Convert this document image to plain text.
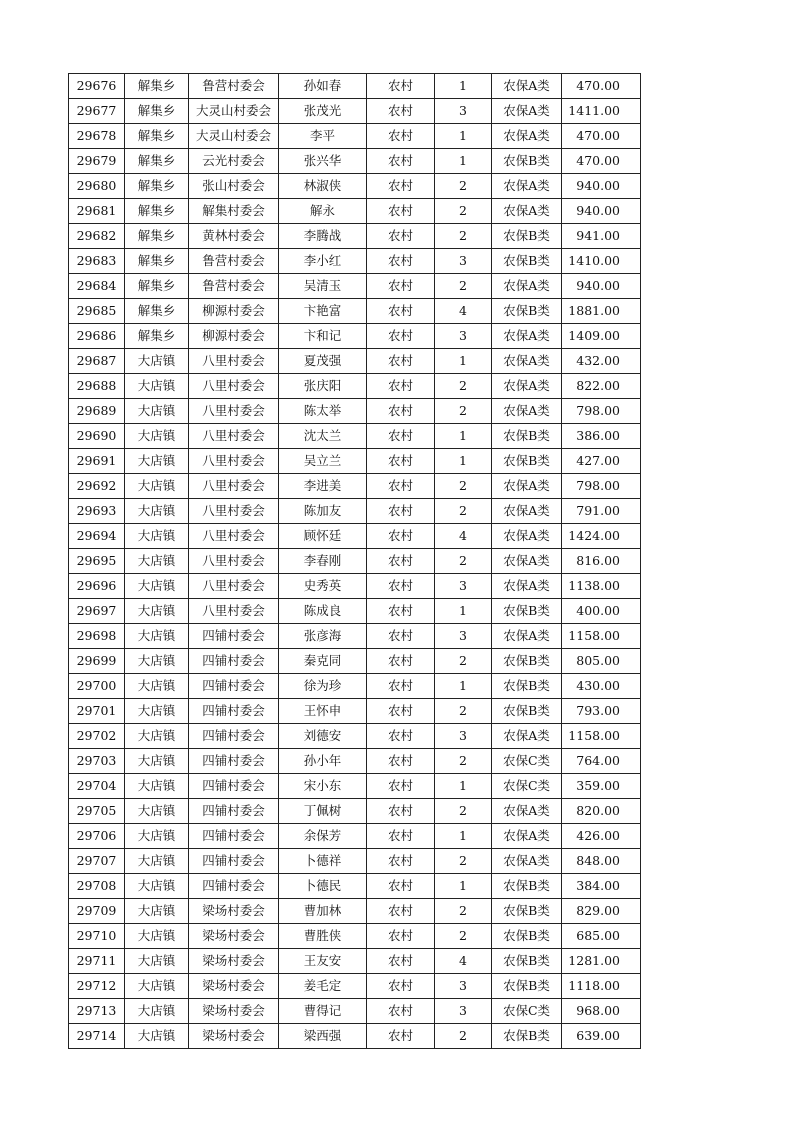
29676	解集乡	鲁营村委会	孙如春	农村	1	农保A类	470.00
29677	解集乡	大灵山村委会	张茂光	农村	3	农保A类	1411.00
29678	解集乡	大灵山村委会	李平	农村	1	农保A类	470.00
29679	解集乡	云光村委会	张兴华	农村	1	农保B类	470.00
29680	解集乡	张山村委会	林淑侠	农村	2	农保A类	940.00
29681	解集乡	解集村委会	解永	农村	2	农保A类	940.00
29682	解集乡	黄林村委会	李腾战	农村	2	农保B类	941.00
29683	解集乡	鲁营村委会	李小红	农村	3	农保B类	1410.00
29684	解集乡	鲁营村委会	吴清玉	农村	2	农保A类	940.00
29685	解集乡	柳源村委会	卞艳富	农村	4	农保B类	1881.00
29686	解集乡	柳源村委会	卞和记	农村	3	农保A类	1409.00
29687	大店镇	八里村委会	夏茂强	农村	1	农保A类	432.00
29688	大店镇	八里村委会	张庆阳	农村	2	农保A类	822.00
29689	大店镇	八里村委会	陈太举	农村	2	农保A类	798.00
29690	大店镇	八里村委会	沈太兰	农村	1	农保B类	386.00
29691	大店镇	八里村委会	吴立兰	农村	1	农保B类	427.00
29692	大店镇	八里村委会	李进美	农村	2	农保A类	798.00
29693	大店镇	八里村委会	陈加友	农村	2	农保A类	791.00
29694	大店镇	八里村委会	顾怀廷	农村	4	农保A类	1424.00
29695	大店镇	八里村委会	李春刚	农村	2	农保A类	816.00
29696	大店镇	八里村委会	史秀英	农村	3	农保A类	1138.00
29697	大店镇	八里村委会	陈成良	农村	1	农保B类	400.00
29698	大店镇	四铺村委会	张彦海	农村	3	农保A类	1158.00
29699	大店镇	四铺村委会	秦克同	农村	2	农保B类	805.00
29700	大店镇	四铺村委会	徐为珍	农村	1	农保B类	430.00
29701	大店镇	四铺村委会	王怀申	农村	2	农保B类	793.00
29702	大店镇	四铺村委会	刘德安	农村	3	农保A类	1158.00
29703	大店镇	四铺村委会	孙小年	农村	2	农保C类	764.00
29704	大店镇	四铺村委会	宋小东	农村	1	农保C类	359.00
29705	大店镇	四铺村委会	丁佩树	农村	2	农保A类	820.00
29706	大店镇	四铺村委会	余保芳	农村	1	农保A类	426.00
29707	大店镇	四铺村委会	卜德祥	农村	2	农保A类	848.00
29708	大店镇	四铺村委会	卜德民	农村	1	农保B类	384.00
29709	大店镇	梁场村委会	曹加林	农村	2	农保B类	829.00
29710	大店镇	梁场村委会	曹胜侠	农村	2	农保B类	685.00
29711	大店镇	梁场村委会	王友安	农村	4	农保B类	1281.00
29712	大店镇	梁场村委会	姜毛定	农村	3	农保B类	1118.00
29713	大店镇	梁场村委会	曹得记	农村	3	农保C类	968.00
29714	大店镇	梁场村委会	梁西强	农村	2	农保B类	639.00
